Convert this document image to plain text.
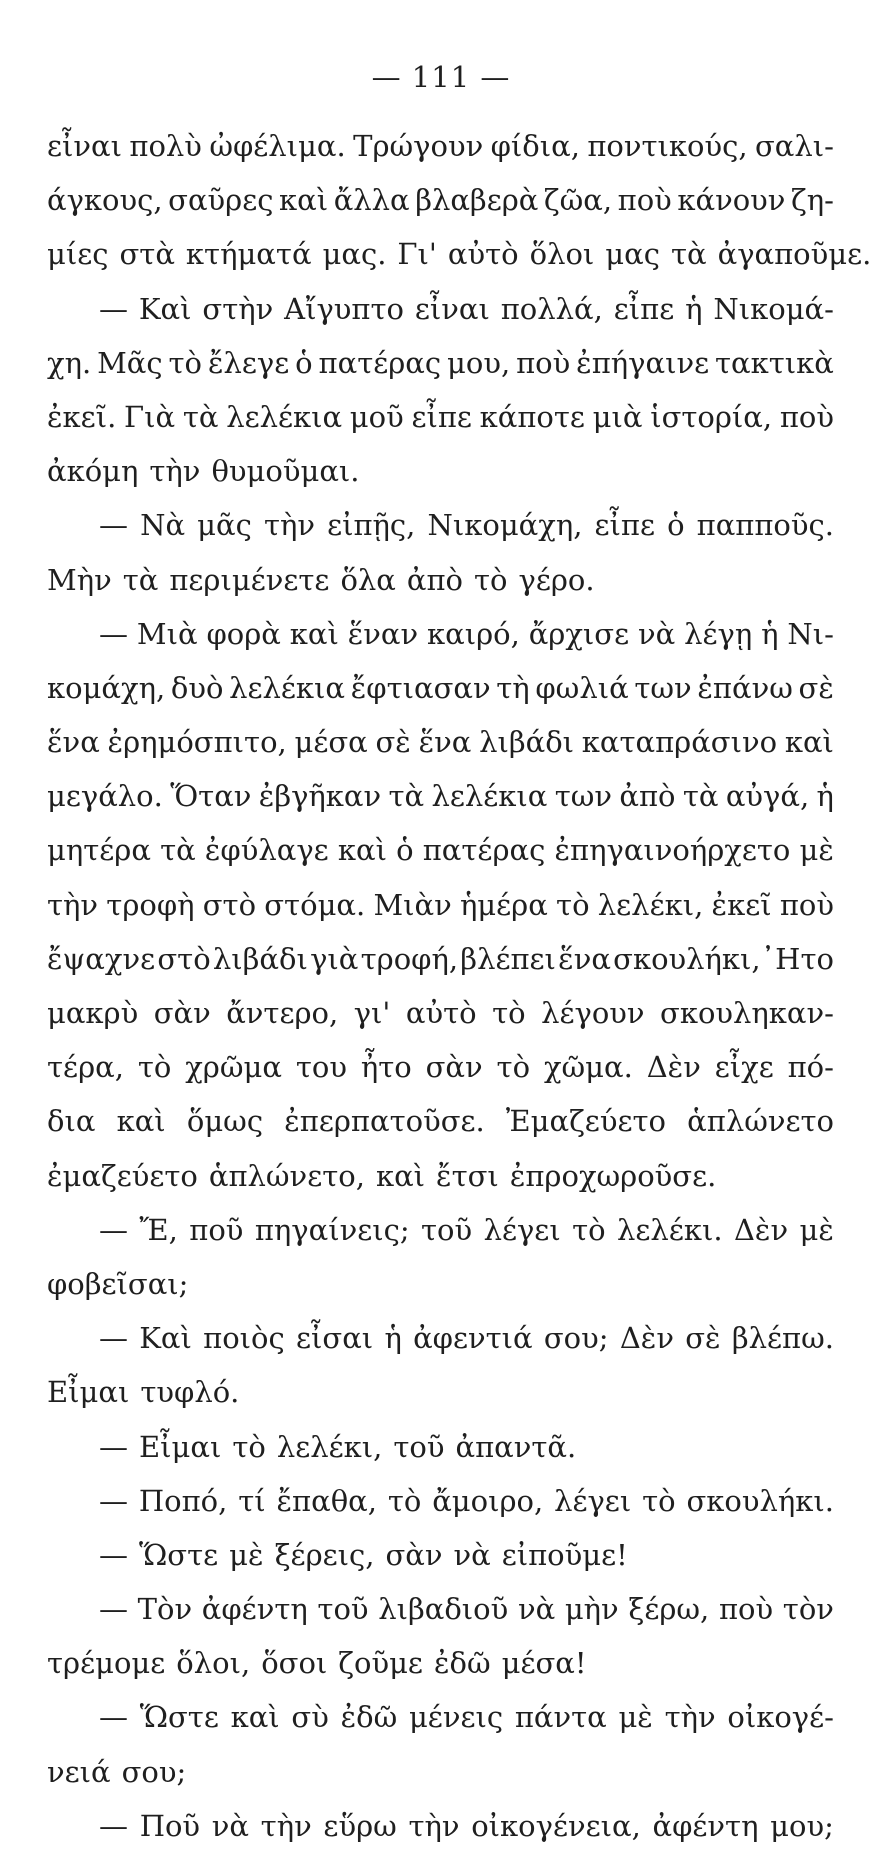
— 111 —
εἶναι πολὺ ὠφέλιμα. Τρώγουν φίδια, ποντικούς, σαλι-
άγκους, σαῦρες καὶ ἄλλα βλαβερὰ ζῶα, ποὺ κάνουν ζη-
μίες στὰ κτήματά μας. Γι' αὐτὸ ὅλοι μας τὰ ἀγαποῦμε.
— Καὶ στὴν Αἴγυπτο εἶναι πολλά, εἶπε ἡ Νικομά-
χη. Μᾶς τὸ ἔλεγε ὁ πατέρας μου, ποὺ ἐπήγαινε τακτικὰ
ἐκεῖ. Γιὰ τὰ λελέκια μοῦ εἶπε κάποτε μιὰ ἱστορία, ποὺ
ἀκόμη τὴν θυμοῦμαι.
— Νὰ μᾶς τὴν εἰπῇς, Νικομάχη, εἶπε ὁ παπποῦς.
Μὴν τὰ περιμένετε ὅλα ἀπὸ τὸ γέρο.
— Μιὰ φορὰ καὶ ἕναν καιρό, ἄρχισε νὰ λέγῃ ἡ Νι-
κομάχη, δυὸ λελέκια ἔφτιασαν τὴ φωλιά των ἐπάνω σὲ
ἕνα ἐρημόσπιτο, μέσα σὲ ἕνα λιβάδι καταπράσινο καὶ
μεγάλο. Ὅταν ἐβγῆκαν τὰ λελέκια των ἀπὸ τὰ αὐγά, ἡ
μητέρα τὰ ἐφύλαγε καὶ ὁ πατέρας ἐπηγαινοήρχετο μὲ
τὴν τροφὴ στὸ στόμα. Μιὰν ἡμέρα τὸ λελέκι, ἐκεῖ ποὺ
ἔψαχνε στὸ λιβάδι γιὰ τροφή, βλέπει ἕνα σκουλήκι,᾽Ητο
μακρὺ σὰν ἄντερο, γι' αὐτὸ τὸ λέγουν σκουληκαν-
τέρα, τὸ χρῶμα του ἦτο σὰν τὸ χῶμα. Δὲν εἶχε πό-
δια καὶ ὅμως ἐπερπατοῦσε. Ἐμαζεύετο ἁπλώνετο
ἐμαζεύετο ἁπλώνετο, καὶ ἔτσι ἐπροχωροῦσε.
— Ἔ, ποῦ πηγαίνεις; τοῦ λέγει τὸ λελέκι. Δὲν μὲ
φοβεῖσαι;
— Καὶ ποιὸς εἶσαι ἡ ἀφεντιά σου; Δὲν σὲ βλέπω.
Εἶμαι τυφλό.
— Εἶμαι τὸ λελέκι, τοῦ ἀπαντᾶ.
— Ποπό, τί ἔπαθα, τὸ ἄμοιρο, λέγει τὸ σκουλήκι.
— Ὥστε μὲ ξέρεις, σὰν νὰ εἰποῦμε!
— Τὸν ἀφέντη τοῦ λιβαδιοῦ νὰ μὴν ξέρω, ποὺ τὸν
τρέμομε ὅλοι, ὅσοι ζοῦμε ἐδῶ μέσα!
— Ὥστε καὶ σὺ ἐδῶ μένεις πάντα μὲ τὴν οἰκογέ-
νειά σου;
— Ποῦ νὰ τὴν εὕρω τὴν οἰκογένεια, ἀφέντη μου;
